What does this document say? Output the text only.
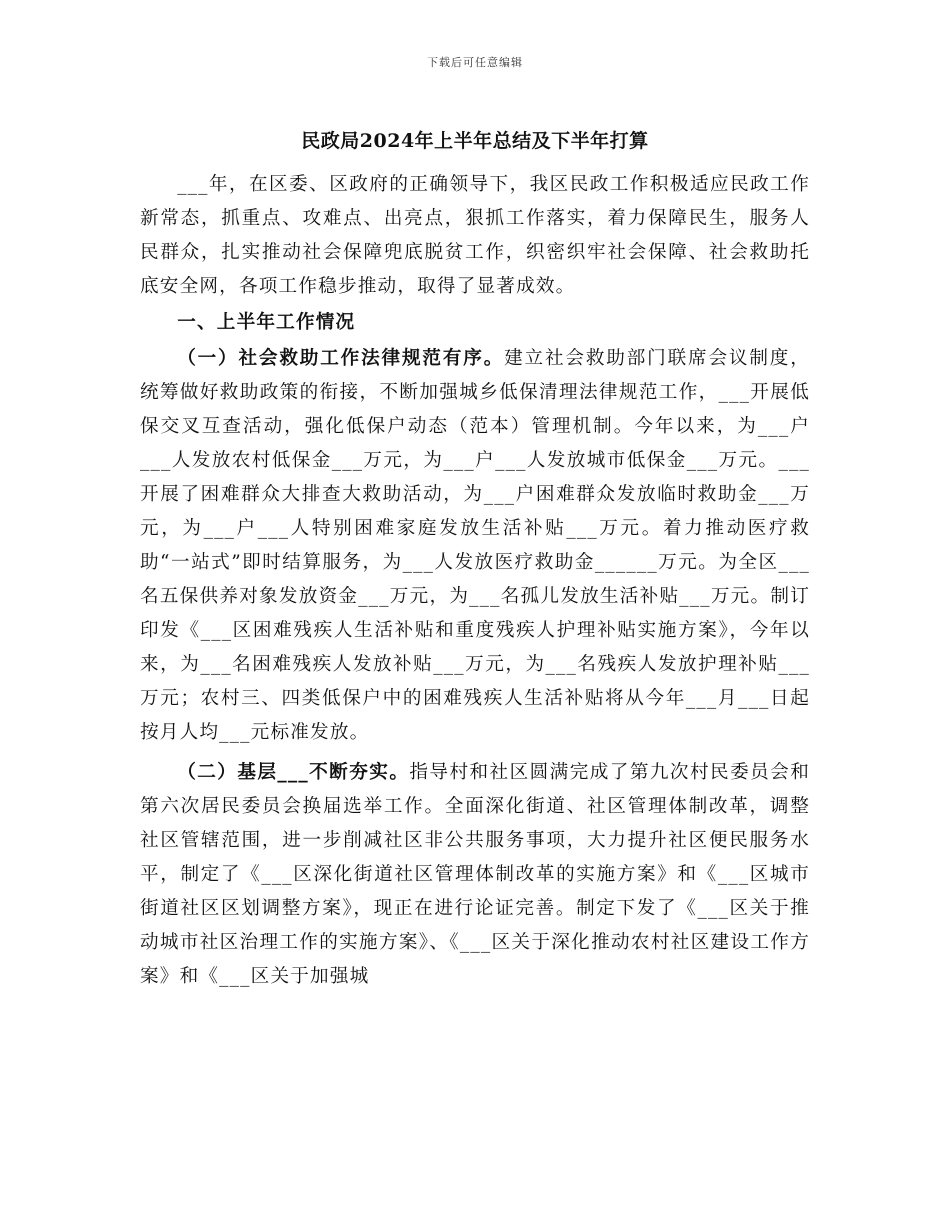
下载后可任意编辑
民政局2024年上半年总结及下半年打算

___年，在区委、区政府的正确领导下，我区民政工作积极适应民政工作新常态，抓重点、攻难点、出亮点，狠抓工作落实，着力保障民生，服务人民群众，扎实推动社会保障兜底脱贫工作，织密织牢社会保障、社会救助托底安全网，各项工作稳步推动，取得了显著成效。

一、上半年工作情况

（一）社会救助工作法律规范有序。建立社会救助部门联席会议制度，统筹做好救助政策的衔接，不断加强城乡低保清理法律规范工作，___开展低保交叉互查活动，强化低保户动态（范本）管理机制。今年以来，为___户___人发放农村低保金___万元，为___户___人发放城市低保金___万元。___开展了困难群众大排查大救助活动，为___户困难群众发放临时救助金___万元，为___户___人特别困难家庭发放生活补贴___万元。着力推动医疗救助“一站式”即时结算服务，为___人发放医疗救助金______万元。为全区___名五保供养对象发放资金___万元，为___名孤儿发放生活补贴___万元。制订印发《___区困难残疾人生活补贴和重度残疾人护理补贴实施方案》，今年以来，为___名困难残疾人发放补贴___万元，为___名残疾人发放护理补贴___万元；农村三、四类低保户中的困难残疾人生活补贴将从今年___月___日起按月人均___元标准发放。

（二）基层___不断夯实。指导村和社区圆满完成了第九次村民委员会和第六次居民委员会换届选举工作。全面深化街道、社区管理体制改革，调整社区管辖范围，进一步削减社区非公共服务事项，大力提升社区便民服务水平，制定了《___区深化街道社区管理体制改革的实施方案》和《___区城市街道社区区划调整方案》，现正在进行论证完善。制定下发了《___区关于推动城市社区治理工作的实施方案》、《___区关于深化推动农村社区建设工作方案》和《___区关于加强城
